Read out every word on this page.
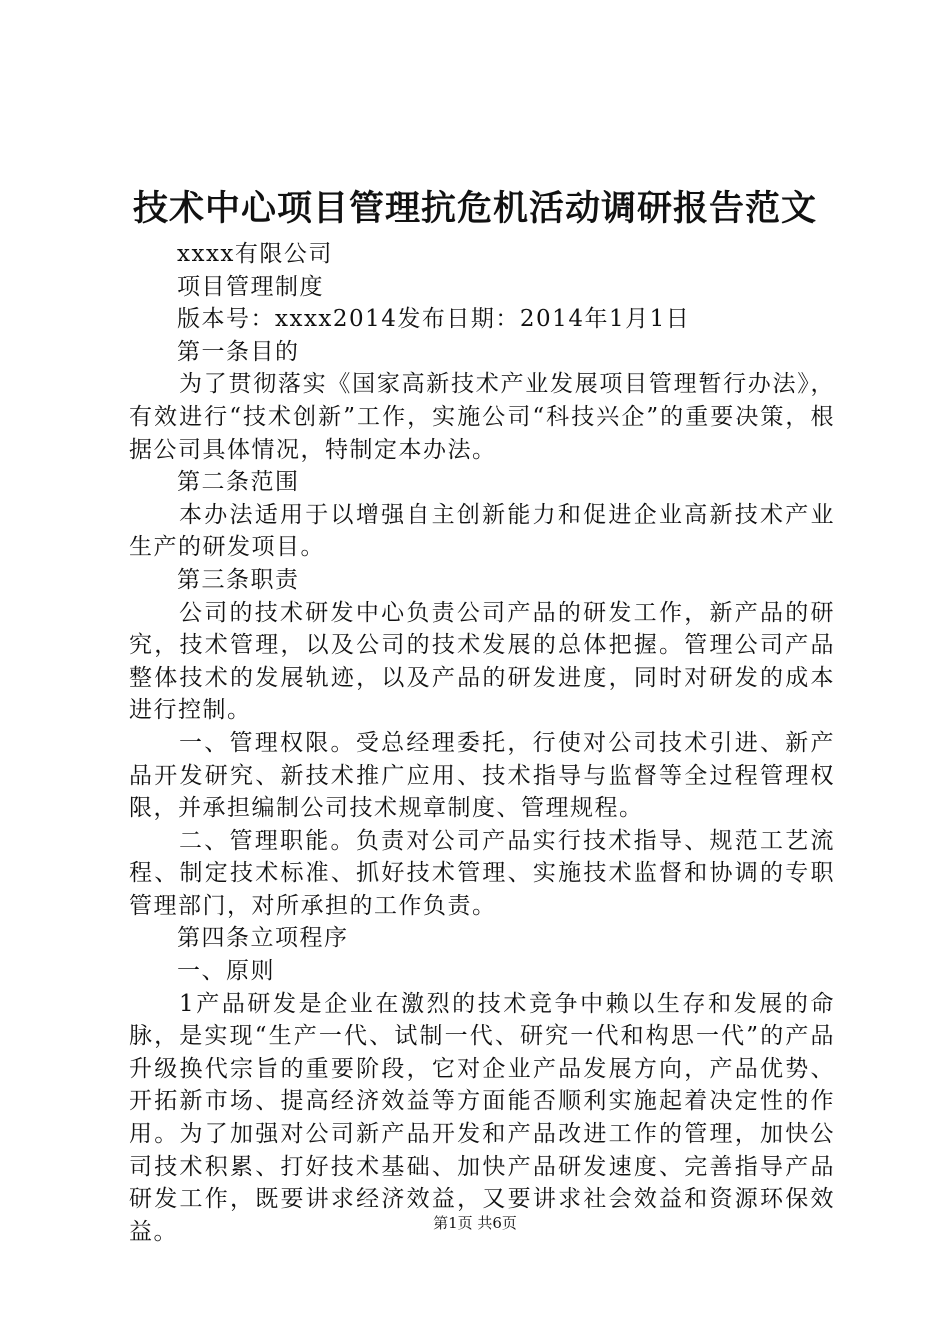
技术中心项目管理抗危机活动调研报告范文

xxxx有限公司

项目管理制度

版本号：xxxx2014发布日期：2014年1月1日

第一条目的

为了贯彻落实《国家高新技术产业发展项目管理暂行办法》，有效进行“技术创新”工作，实施公司“科技兴企”的重要决策，根据公司具体情况，特制定本办法。

第二条范围

本办法适用于以增强自主创新能力和促进企业高新技术产业生产的研发项目。

第三条职责

公司的技术研发中心负责公司产品的研发工作，新产品的研究，技术管理，以及公司的技术发展的总体把握。管理公司产品整体技术的发展轨迹，以及产品的研发进度，同时对研发的成本进行控制。

一、管理权限。受总经理委托，行使对公司技术引进、新产品开发研究、新技术推广应用、技术指导与监督等全过程管理权限，并承担编制公司技术规章制度、管理规程。

二、管理职能。负责对公司产品实行技术指导、规范工艺流程、制定技术标准、抓好技术管理、实施技术监督和协调的专职管理部门，对所承担的工作负责。

第四条立项程序

一、原则

1产品研发是企业在激烈的技术竞争中赖以生存和发展的命脉，是实现“生产一代、试制一代、研究一代和构思一代”的产品升级换代宗旨的重要阶段，它对企业产品发展方向，产品优势、开拓新市场、提高经济效益等方面能否顺利实施起着决定性的作用。为了加强对公司新产品开发和产品改进工作的管理，加快公司技术积累、打好技术基础、加快产品研发速度、完善指导产品研发工作，既要讲求经济效益，又要讲求社会效益和资源环保效益。	第1页 共6页
